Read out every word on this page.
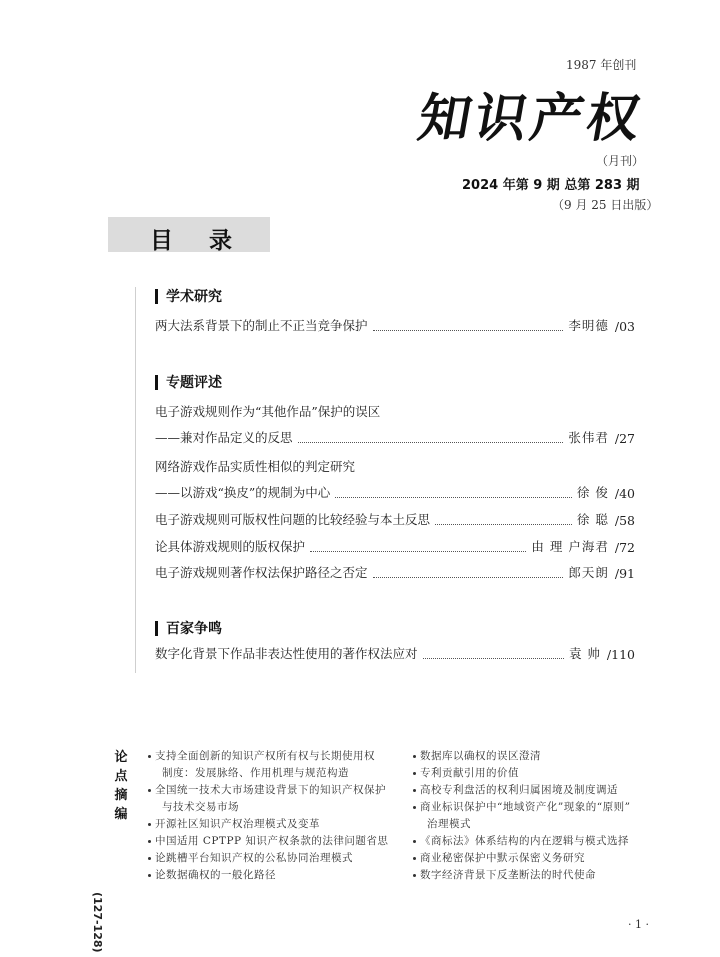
1987 年创刊
知识产权
（月刊）
2024 年第 9 期 总第 283 期
（9 月 25 日出版）
目 录
学术研究
两大法系背景下的制止不正当竞争保护	李明德 /03
专题评述
电子游戏规则作为“其他作品”保护的误区
——兼对作品定义的反思	张伟君 /27
网络游戏作品实质性相似的判定研究
——以游戏“换皮”的规制为中心	徐 俊 /40
电子游戏规则可版权性问题的比较经验与本土反思	徐 聪 /58
论具体游戏规则的版权保护	由 理 户海君 /72
电子游戏规则著作权法保护路径之否定	郎天朗 /91
百家争鸣
数字化背景下作品非表达性使用的著作权法应对	袁 帅 /110
论点摘编
(127-128)
支持全面创新的知识产权所有权与长期使用权
制度：发展脉络、作用机理与规范构造
全国统一技术大市场建设背景下的知识产权保护
与技术交易市场
开源社区知识产权治理模式及变革
中国适用 CPTPP 知识产权条款的法律问题省思
论跳槽平台知识产权的公私协同治理模式
论数据确权的一般化路径
数据库以确权的误区澄清
专利贡献引用的价值
高校专利盘活的权利归属困境及制度调适
商业标识保护中“地域资产化”现象的“原则”
治理模式
《商标法》体系结构的内在逻辑与模式选择
商业秘密保护中默示保密义务研究
数字经济背景下反垄断法的时代使命
· 1 ·
